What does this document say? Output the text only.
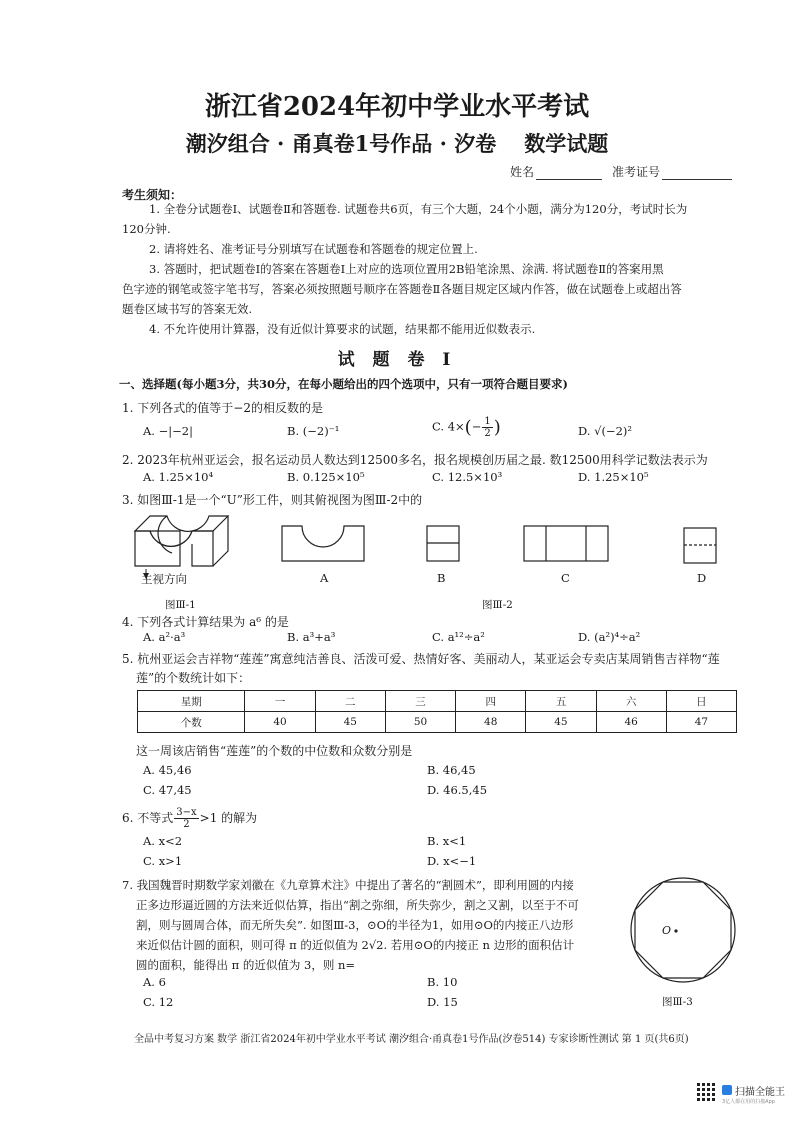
浙江省2024年初中学业水平考试
潮汐组合 · 甬真卷1号作品 · 汐卷 数学试题
姓名	准考证号
考生须知：
1. 全卷分试题卷Ⅰ、试题卷Ⅱ和答题卷. 试题卷共6页，有三个大题，24个小题，满分为120分，考试时长为
120分钟.
2. 请将姓名、准考证号分别填写在试题卷和答题卷的规定位置上.
3. 答题时，把试题卷Ⅰ的答案在答题卷Ⅰ上对应的选项位置用2B铅笔涂黑、涂满. 将试题卷Ⅱ的答案用黑
色字迹的钢笔或签字笔书写，答案必须按照题号顺序在答题卷Ⅱ各题目规定区域内作答，做在试题卷上或超出答
题卷区域书写的答案无效.
4. 不允许使用计算器，没有近似计算要求的试题，结果都不能用近似数表示.
试 题 卷 Ⅰ
一、选择题(每小题3分，共30分，在每小题给出的四个选项中，只有一项符合题目要求)
1. 下列各式的值等于−2的相反数的是
A. −|−2|	B. (−2)⁻¹	C. $4\times(- \frac{1}{2}$ )	D. √(−2)²
2. 2023年杭州亚运会，报名运动员人数达到12500多名，报名规模创历届之最. 数12500用科学记数法表示为
A. 1.25×10⁴	B. 0.125×10⁵	C. 12.5×10³	D. 1.25×10⁵
3. 如图Ⅲ-1是一个“U”形工件，则其俯视图为图Ⅲ-2中的
主视方向	A	B	C	D
图Ⅲ-1	图Ⅲ-2
4. 下列各式计算结果为 a⁶ 的是
A. a²·a³	B. a³+a³	C. a¹²÷a²	D. (a²)⁴÷a²
5. 杭州亚运会吉祥物“莲莲”寓意纯洁善良、活泼可爱、热情好客、美丽动人，某亚运会专卖店某周销售吉祥物“莲
莲”的个数统计如下：
星期	一	二	三	四	五	六	日
个数	40	45	50	48	45	46	47
这一周该店销售“莲莲”的个数的中位数和众数分别是
A. 45,46	B. 46,45
C. 47,45	D. 46.5,45
6. 不等式 $\frac{3-x}{2} >1$ 的解为
A. x<2	B. x<1
C. x>1	D. x<−1
7. 我国魏晋时期数学家刘徽在《九章算术注》中提出了著名的“割圆术”，即利用圆的内接
正多边形逼近圆的方法来近似估算，指出“割之弥细，所失弥少，割之又割，以至于不可
割，则与圆周合体，而无所失矣”. 如图Ⅲ-3，⊙O的半径为1，如用⊙O的内接正八边形
来近似估计圆的面积，则可得 π 的近似值为 2√2. 若用⊙O的内接正 n 边形的面积估计
圆的面积，能得出 π 的近似值为 3，则 n=
A. 6	B. 10
C. 12	D. 15
O
图Ⅲ-3
全品中考复习方案 数学 浙江省2024年初中学业水平考试 潮汐组合·甬真卷1号作品(汐卷514) 专家诊断性测试 第 1 页(共6页)
扫描全能王
3亿人都在用的扫描App
